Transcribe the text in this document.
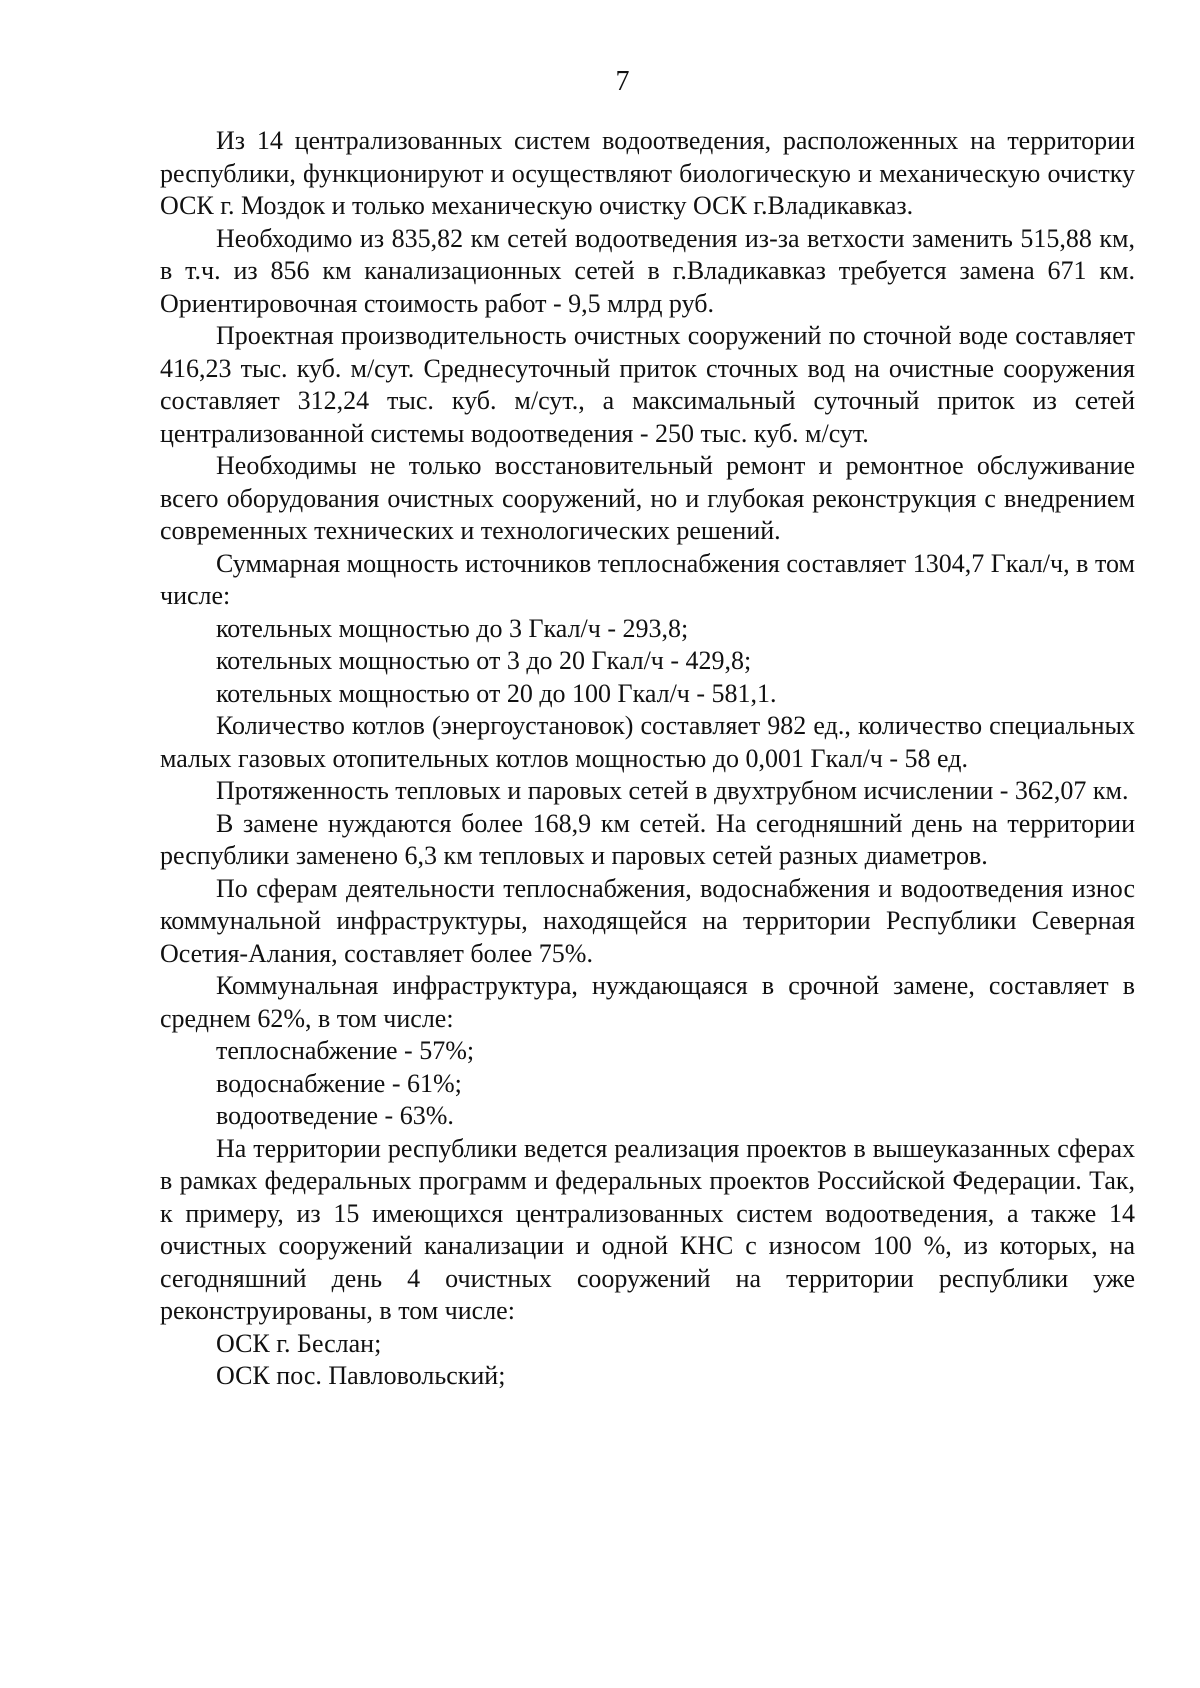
7

Из 14 централизованных систем водоотведения, расположенных на территории республики, функционируют и осуществляют биологическую и механическую очистку ОСК г. Моздок и только механическую очистку ОСК г.Владикавказ.

Необходимо из 835,82 км сетей водоотведения из-за ветхости заменить 515,88 км, в т.ч. из 856 км канализационных сетей в г.Владикавказ требуется замена 671 км. Ориентировочная стоимость работ - 9,5 млрд руб.

Проектная производительность очистных сооружений по сточной воде составляет 416,23 тыс. куб. м/сут. Среднесуточный приток сточных вод на очистные сооружения составляет 312,24 тыс. куб. м/сут., а максимальный суточный приток из сетей централизованной системы водоотведения - 250 тыс. куб. м/сут.

Необходимы не только восстановительный ремонт и ремонтное обслуживание всего оборудования очистных сооружений, но и глубокая реконструкция с внедрением современных технических и технологических решений.

Суммарная мощность источников теплоснабжения составляет 1304,7 Гкал/ч, в том числе:

котельных мощностью до 3 Гкал/ч - 293,8;

котельных мощностью от 3 до 20 Гкал/ч - 429,8;

котельных мощностью от 20 до 100 Гкал/ч - 581,1.

Количество котлов (энергоустановок) составляет 982 ед., количество специальных малых газовых отопительных котлов мощностью до 0,001 Гкал/ч - 58 ед.

Протяженность тепловых и паровых сетей в двухтрубном исчислении - 362,07 км.

В замене нуждаются более 168,9 км сетей. На сегодняшний день на территории республики заменено 6,3 км тепловых и паровых сетей разных диаметров.

По сферам деятельности теплоснабжения, водоснабжения и водоотведения износ коммунальной инфраструктуры, находящейся на территории Республики Северная Осетия-Алания, составляет более 75%.

Коммунальная инфраструктура, нуждающаяся в срочной замене, составляет в среднем 62%, в том числе:

теплоснабжение - 57%;

водоснабжение - 61%;

водоотведение - 63%.

На территории республики ведется реализация проектов в вышеуказанных сферах в рамках федеральных программ и федеральных проектов Российской Федерации. Так, к примеру, из 15 имеющихся централизованных систем водоотведения, а также 14 очистных сооружений канализации и одной КНС с износом 100 %, из которых, на сегодняшний день 4 очистных сооружений на территории республики уже реконструированы, в том числе:

ОСК г. Беслан;

ОСК пос. Павловольский;
